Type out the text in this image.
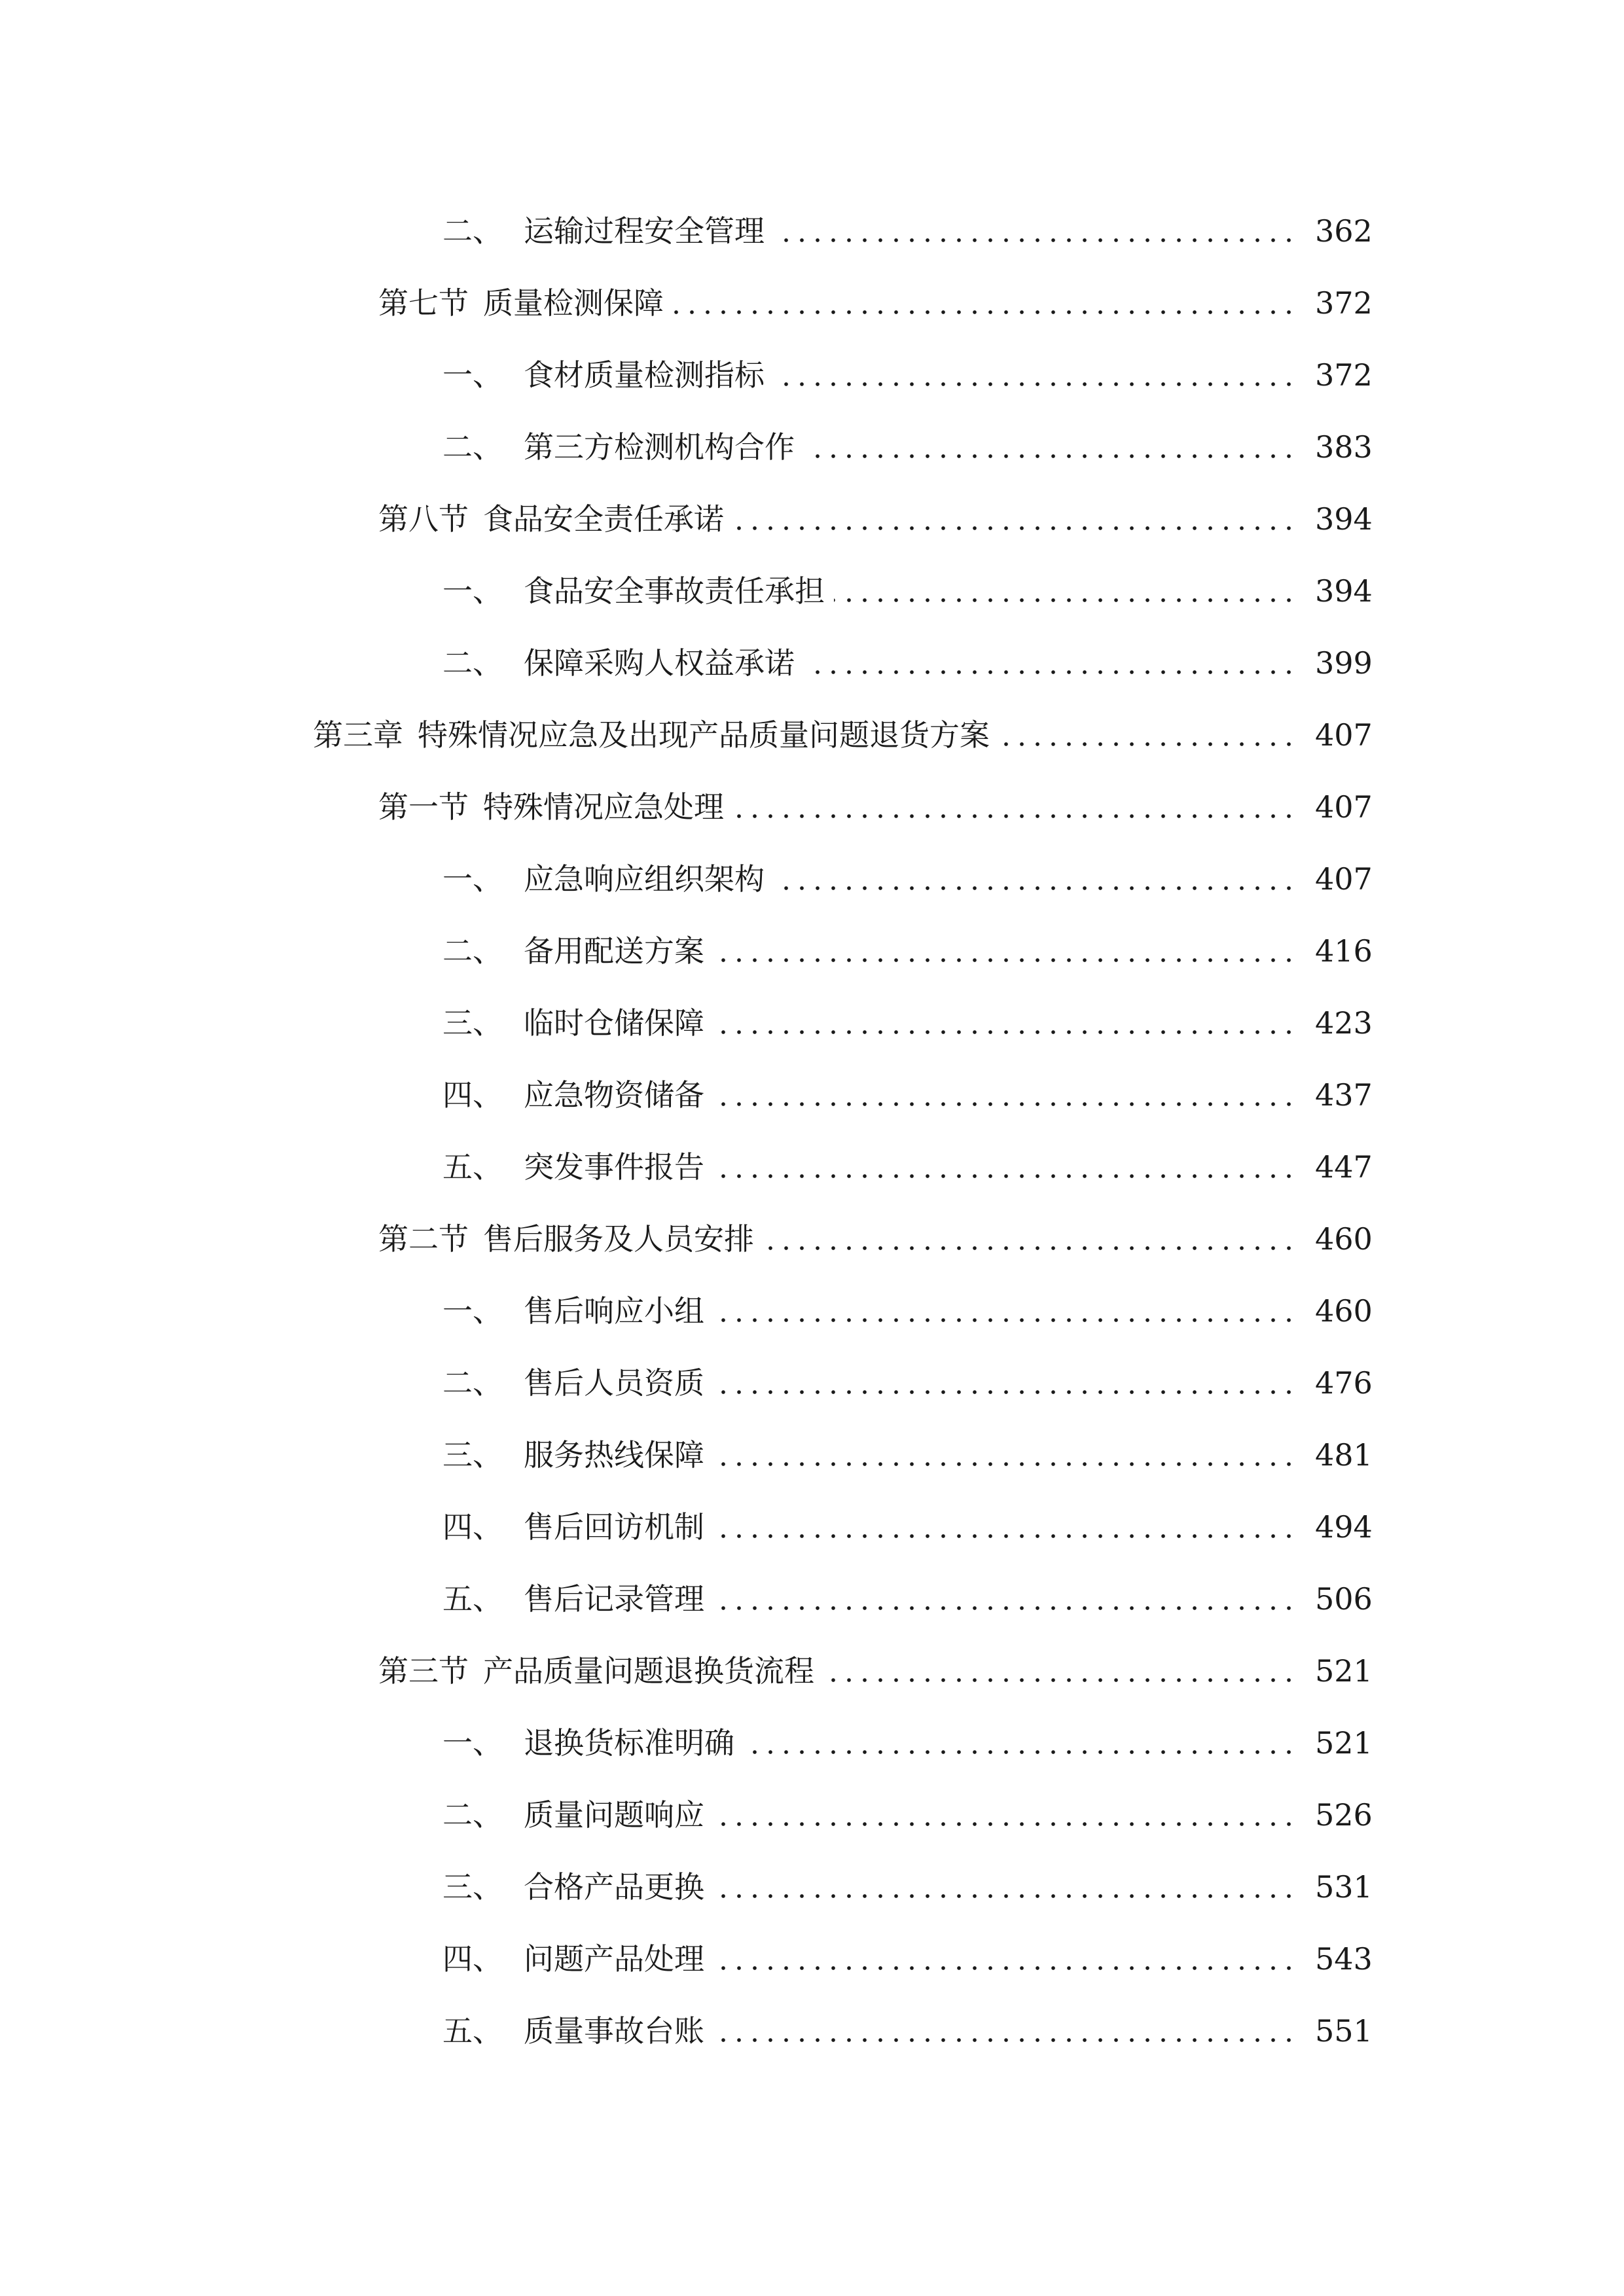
二、 运输过程安全管理	362
第七节 质量检测保障	372
一、 食材质量检测指标	372
二、 第三方检测机构合作	383
第八节 食品安全责任承诺	394
一、 食品安全事故责任承担	394
二、 保障采购人权益承诺	399
第三章 特殊情况应急及出现产品质量问题退货方案	407
第一节 特殊情况应急处理	407
一、 应急响应组织架构	407
二、 备用配送方案	416
三、 临时仓储保障	423
四、 应急物资储备	437
五、 突发事件报告	447
第二节 售后服务及人员安排	460
一、 售后响应小组	460
二、 售后人员资质	476
三、 服务热线保障	481
四、 售后回访机制	494
五、 售后记录管理	506
第三节 产品质量问题退换货流程	521
一、 退换货标准明确	521
二、 质量问题响应	526
三、 合格产品更换	531
四、 问题产品处理	543
五、 质量事故台账	551
